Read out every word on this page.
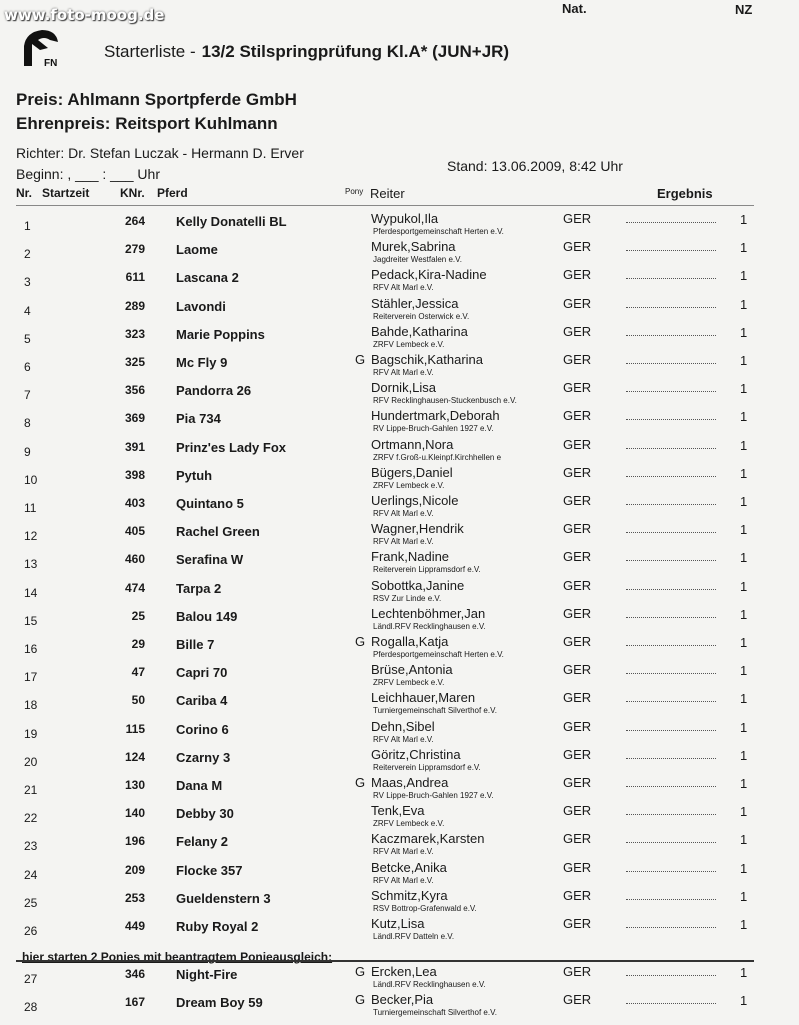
www.foto-moog.de
FN
Starterliste - 13/2 Stilspringprüfung Kl.A* (JUN+JR)
Preis: Ahlmann Sportpferde GmbH
Ehrenpreis: Reitsport Kuhlmann
Richter: Dr. Stefan Luczak - Hermann D. Erver
Beginn: , ___ : ___ Uhr	Stand: 13.06.2009, 8:42 Uhr
Nr. Startzeit	KNr. Pferd	Pony Reiter
Nat.
Ergebnis
NZ
1	264 Kelly Donatelli BL	Wypukol,Ila
Pferdesportgemeinschaft Herten e.V.
GER	1
2	279 Laome	Murek,Sabrina
Jagdreiter Westfalen e.V.
GER	1
3	611 Lascana 2	Pedack,Kira-Nadine
RFV Alt Marl e.V.
GER	1
4	289 Lavondi	Stähler,Jessica
Reiterverein Osterwick e.V.
GER	1
5	323 Marie Poppins	Bahde,Katharina
ZRFV Lembeck e.V.
GER	1
6	325 Mc Fly 9	G Bagschik,Katharina
RFV Alt Marl e.V.
GER	1
7	356 Pandorra 26	Dornik,Lisa
RFV Recklinghausen-Stuckenbusch e.V.
GER	1
8	369 Pia 734	Hundertmark,Deborah
RV Lippe-Bruch-Gahlen 1927 e.V.
GER	1
9	391 Prinz'es Lady Fox	Ortmann,Nora
ZRFV f.Groß-u.Kleinpf.Kirchhellen e
GER	1
10	398 Pytuh	Bügers,Daniel
ZRFV Lembeck e.V.
GER	1
11	403 Quintano 5	Uerlings,Nicole
RFV Alt Marl e.V.
GER	1
12	405 Rachel Green	Wagner,Hendrik
RFV Alt Marl e.V.
GER	1
13	460 Serafina W	Frank,Nadine
Reiterverein Lippramsdorf e.V.
GER	1
14	474 Tarpa 2	Sobottka,Janine
RSV Zur Linde e.V.
GER	1
15	25 Balou 149	Lechtenböhmer,Jan
Ländl.RFV Recklinghausen e.V.
GER	1
16	29 Bille 7	G Rogalla,Katja
Pferdesportgemeinschaft Herten e.V.
GER	1
17	47 Capri 70	Brüse,Antonia
ZRFV Lembeck e.V.
GER	1
18	50 Cariba 4	Leichhauer,Maren
Turniergemeinschaft Silverthof e.V.
GER	1
19	115 Corino 6	Dehn,Sibel
RFV Alt Marl e.V.
GER	1
20	124 Czarny 3	Göritz,Christina
Reiterverein Lippramsdorf e.V.
GER	1
21	130 Dana M	G Maas,Andrea
RV Lippe-Bruch-Gahlen 1927 e.V.
GER	1
22	140 Debby 30	Tenk,Eva
ZRFV Lembeck e.V.
GER	1
23	196 Felany 2	Kaczmarek,Karsten
RFV Alt Marl e.V.
GER	1
24	209 Flocke 357	Betcke,Anika
RFV Alt Marl e.V.
GER	1
25	253 Gueldenstern 3	Schmitz,Kyra
RSV Bottrop-Grafenwald e.V.
GER	1
26	449 Ruby Royal 2	Kutz,Lisa
Ländl.RFV Datteln e.V.
GER	1
hier starten 2 Ponies mit beantragtem Ponieausgleich:
27	346 Night-Fire	G Ercken,Lea
Ländl.RFV Recklinghausen e.V.
GER	1
28	167 Dream Boy 59	G Becker,Pia
Turniergemeinschaft Silverthof e.V.
GER	1
